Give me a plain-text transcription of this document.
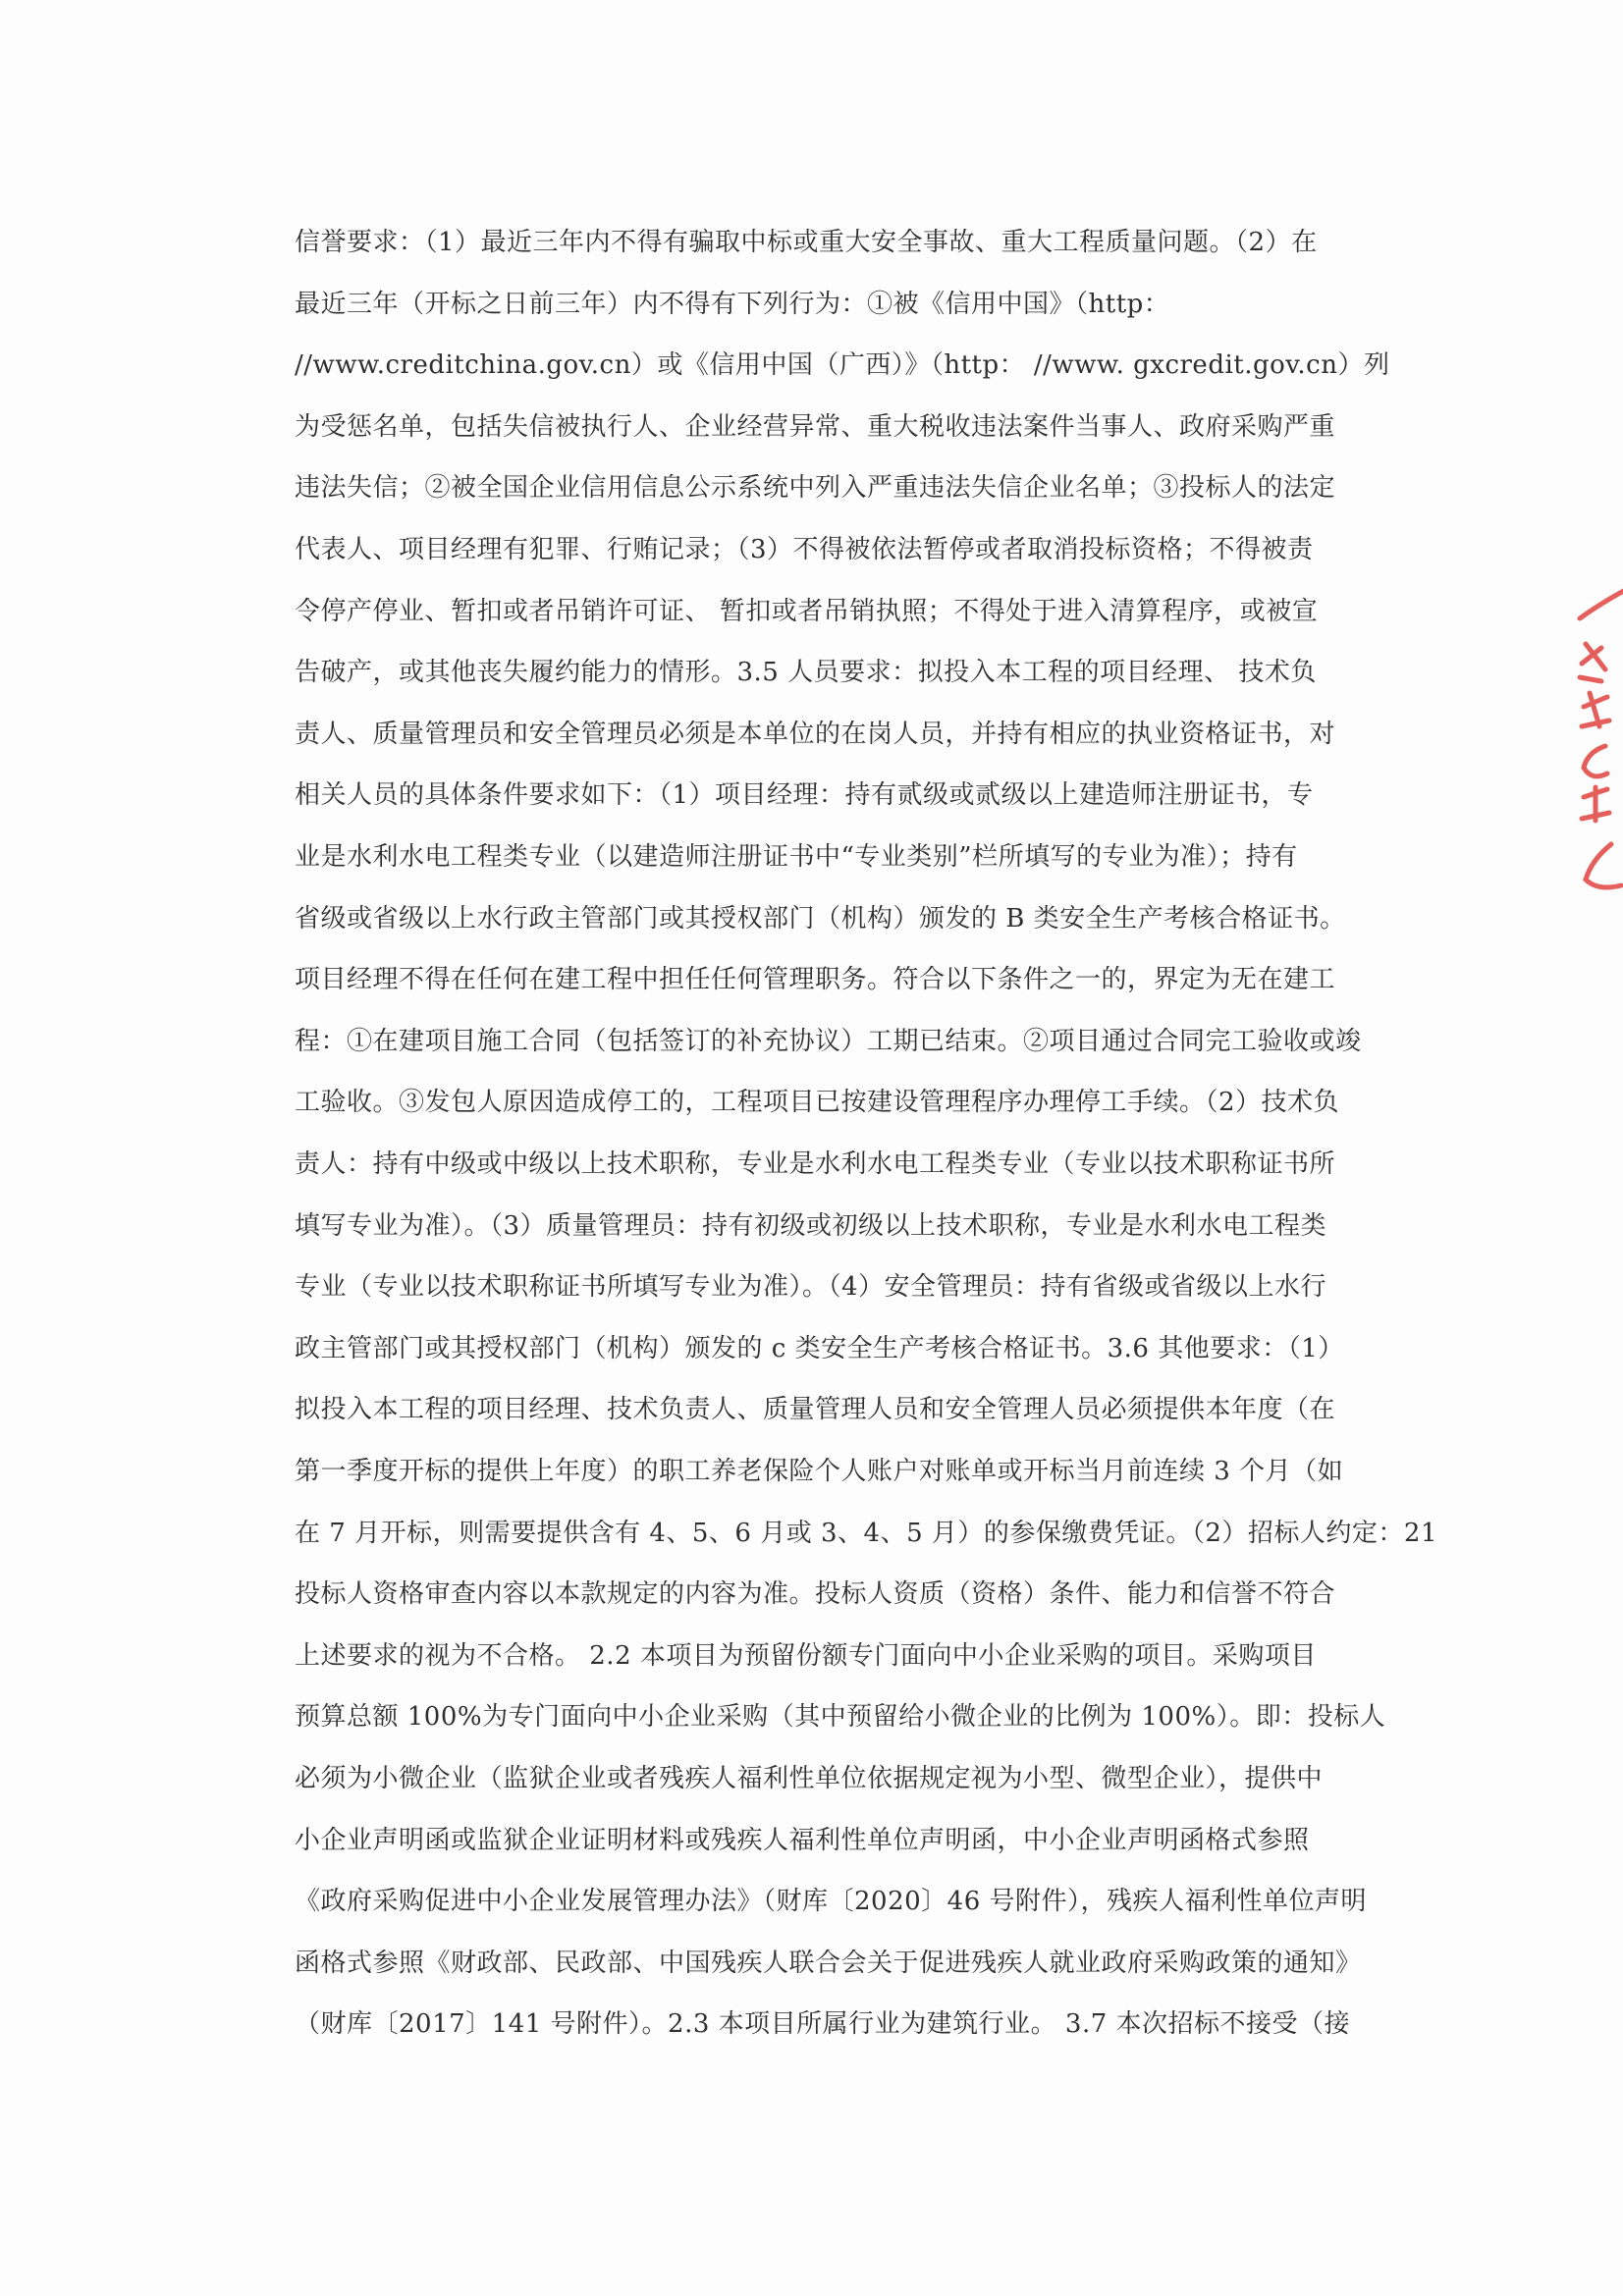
信誉要求：（1）最近三年内不得有骗取中标或重大安全事故、重大工程质量问题。（2）在
最近三年（开标之日前三年）内不得有下列行为：①被《信用中国》（http：
//www.creditchina.gov.cn）或《信用中国（广西）》（http： //www. gxcredit.gov.cn）列
为受惩名单，包括失信被执行人、企业经营异常、重大税收违法案件当事人、政府采购严重
违法失信；②被全国企业信用信息公示系统中列入严重违法失信企业名单；③投标人的法定
代表人、项目经理有犯罪、行贿记录；（3）不得被依法暂停或者取消投标资格；不得被责
令停产停业、暂扣或者吊销许可证、 暂扣或者吊销执照；不得处于进入清算程序，或被宣
告破产，或其他丧失履约能力的情形。3.5 人员要求：拟投入本工程的项目经理、 技术负
责人、质量管理员和安全管理员必须是本单位的在岗人员，并持有相应的执业资格证书，对
相关人员的具体条件要求如下：（1）项目经理：持有贰级或贰级以上建造师注册证书，专
业是水利水电工程类专业（以建造师注册证书中“专业类别”栏所填写的专业为准）；持有
省级或省级以上水行政主管部门或其授权部门（机构）颁发的 B 类安全生产考核合格证书。
项目经理不得在任何在建工程中担任任何管理职务。符合以下条件之一的，界定为无在建工
程：①在建项目施工合同（包括签订的补充协议）工期已结束。②项目通过合同完工验收或竣
工验收。③发包人原因造成停工的，工程项目已按建设管理程序办理停工手续。（2）技术负
责人：持有中级或中级以上技术职称，专业是水利水电工程类专业（专业以技术职称证书所
填写专业为准）。（3）质量管理员：持有初级或初级以上技术职称，专业是水利水电工程类
专业（专业以技术职称证书所填写专业为准）。（4）安全管理员：持有省级或省级以上水行
政主管部门或其授权部门（机构）颁发的 c 类安全生产考核合格证书。3.6 其他要求：（1）
拟投入本工程的项目经理、技术负责人、质量管理人员和安全管理人员必须提供本年度（在
第一季度开标的提供上年度）的职工养老保险个人账户对账单或开标当月前连续 3 个月（如
在 7 月开标，则需要提供含有 4、5、6 月或 3、4、5 月）的参保缴费凭证。（2）招标人约定：21
投标人资格审查内容以本款规定的内容为准。投标人资质（资格）条件、能力和信誉不符合
上述要求的视为不合格。 2.2 本项目为预留份额专门面向中小企业采购的项目。采购项目
预算总额 100%为专门面向中小企业采购（其中预留给小微企业的比例为 100%）。即：投标人
必须为小微企业（监狱企业或者残疾人福利性单位依据规定视为小型、微型企业），提供中
小企业声明函或监狱企业证明材料或残疾人福利性单位声明函，中小企业声明函格式参照
《政府采购促进中小企业发展管理办法》（财库〔2020〕46 号附件），残疾人福利性单位声明
函格式参照《财政部、民政部、中国残疾人联合会关于促进残疾人就业政府采购政策的通知》
（财库〔2017〕141 号附件）。2.3 本项目所属行业为建筑行业。 3.7 本次招标不接受（接
